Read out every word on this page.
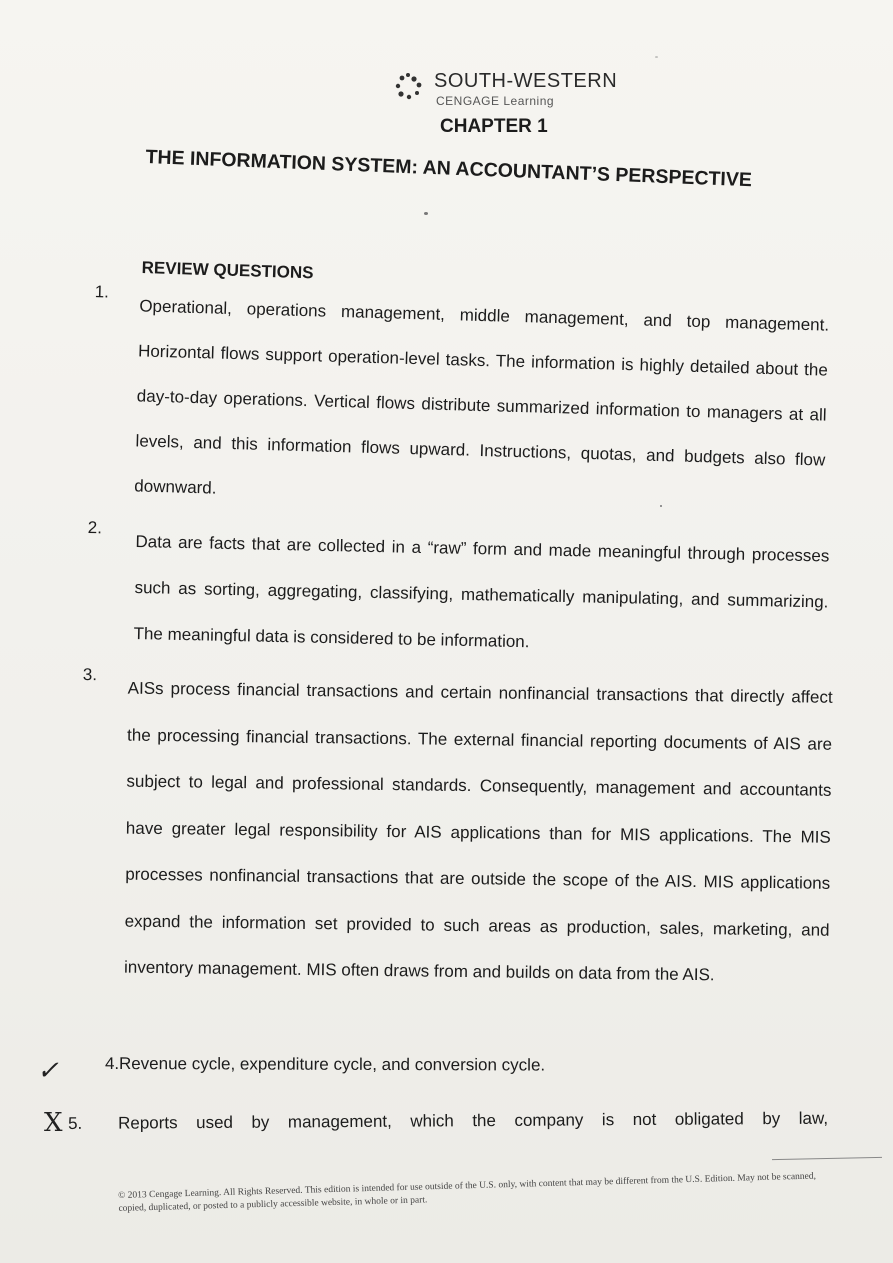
SOUTH-WESTERN
CENGAGE Learning
CHAPTER 1
THE INFORMATION SYSTEM: AN ACCOUNTANT’S PERSPECTIVE
REVIEW QUESTIONS
1.
Operational, operations management, middle management, and top management. Horizontal flows support operation-level tasks. The information is highly detailed about the day-to-day operations. Vertical flows distribute summarized information to managers at all levels, and this information flows upward. Instructions, quotas, and budgets also flow downward.
2.
Data are facts that are collected in a “raw” form and made meaningful through processes such as sorting, aggregating, classifying, mathematically manipulating, and summarizing. The meaningful data is considered to be information.
3.
AISs process financial transactions and certain nonfinancial transactions that directly affect the processing financial transactions. The external financial reporting documents of AIS are subject to legal and professional standards. Consequently, management and accountants have greater legal responsibility for AIS applications than for MIS applications. The MIS processes nonfinancial transactions that are outside the scope of the AIS. MIS applications expand the information set provided to such areas as production, sales, marketing, and inventory management. MIS often draws from and builds on data from the AIS.
✓	4. Revenue cycle, expenditure cycle, and conversion cycle.
X 5. Reports used by management, which the company is not obligated by law,
© 2013 Cengage Learning. All Rights Reserved. This edition is intended for use outside of the U.S. only, with content that may be different from the U.S. Edition. May not be scanned, copied, duplicated, or posted to a publicly accessible website, in whole or in part.
